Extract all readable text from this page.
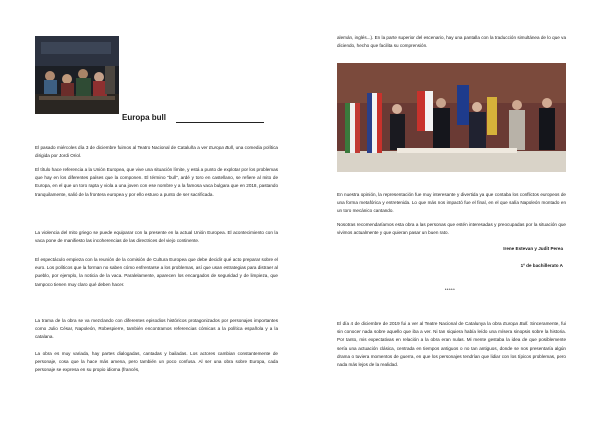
Europa bull
El pasado miércoles día 3 de diciembre fuimos al Teatro Nacional de Cataluña a ver Europa Bull, una comedia política dirigida por Jordi Oriol.
El título hace referencia a la Unión Europea, que vive una situación límite, y está a punto de explotar por los problemas que hay en los diferentes países que la componen. El término "bull", ardé y toro en castellano, se refiere al mito de Europa, en el que un toro rapta y viola a una joven con ese nombre y a la famosa vaca bulgara que en 2018, pastando tranquilamente, salió de la frontera europea y por ello estuvo a punto de ser sacrificada.
La violencia del mito griego se puede equiparar con la presente en la actual Unión Europea. El acontecimiento con la vaca pone de manifiesto las incoherencias de las directrices del viejo continente.
El espectáculo empieza con la reunión de la comisión de Cultura Europea que debe decidir qué acto preparar sobre el euro. Los políticos que la forman no saben cómo enfrentarse a los problemas, así que usan estrategias para distraer al pueblo, por ejemplo, la noticia de la vaca. Paralelamente, aparecen los encargados de seguridad y de limpieza, que tampoco tienen muy claro qué deben hacer.
La trama de la obra se va mezclando con diferentes episodios históricos protagonizados por personajes importantes como Julio César, Napoleón, Robespierre, también encontramos referencias cómicas a la política española y a la catalana.
La obra es muy variada, hay partes dialogadas, cantadas y bailadas. Los actores cambian constantemente de personaje, cosa que la hace más amena, pero también un poco confusa. Al ser una obra sobre Europa, cada personaje se expresa en su propio idioma (francés,
alemán, inglés...). En la parte superior del escenario, hay una pantalla con la traducción simultánea de lo que va diciendo, hecho que facilita su comprensión.
En nuestra opinión, la representación fue muy interesante y divertida ya que contaba los conflictos europeos de una forma metafórica y entretenida. Lo que más nos impactó fue el final, en el que salía Napoleón montado en un toro mecánico cantando.
Nosotras recomendaríamos esta obra a las personas que estén interesadas y preocupadas por la situación que vivimos actualmente y que quieran pasar un buen rato.
Irene Estevan y Judit Perea
1º de bachillerato A
*****
El día 4 de diciembre de 2019 fui a ver al Teatre Nacional de Catalunya la obra Europa Bull. Sinceramente, fui sin conocer nada sobre aquello que iba a ver. Ni tan siquiera había leído una mísera sinopsis sobre la historia. Por tanto, mis expectativas en relación a la obra eran nulas. Mi mente gestaba la idea de que posiblemente sería una actuación clásica, centrada en tiempos antiguos o no tan antiguos, donde se nos presentaría algún drama o tuviera momentos de guerra, en que los personajes tendrían que lidiar con los típicos problemas, pero nada más lejos de la realidad.
